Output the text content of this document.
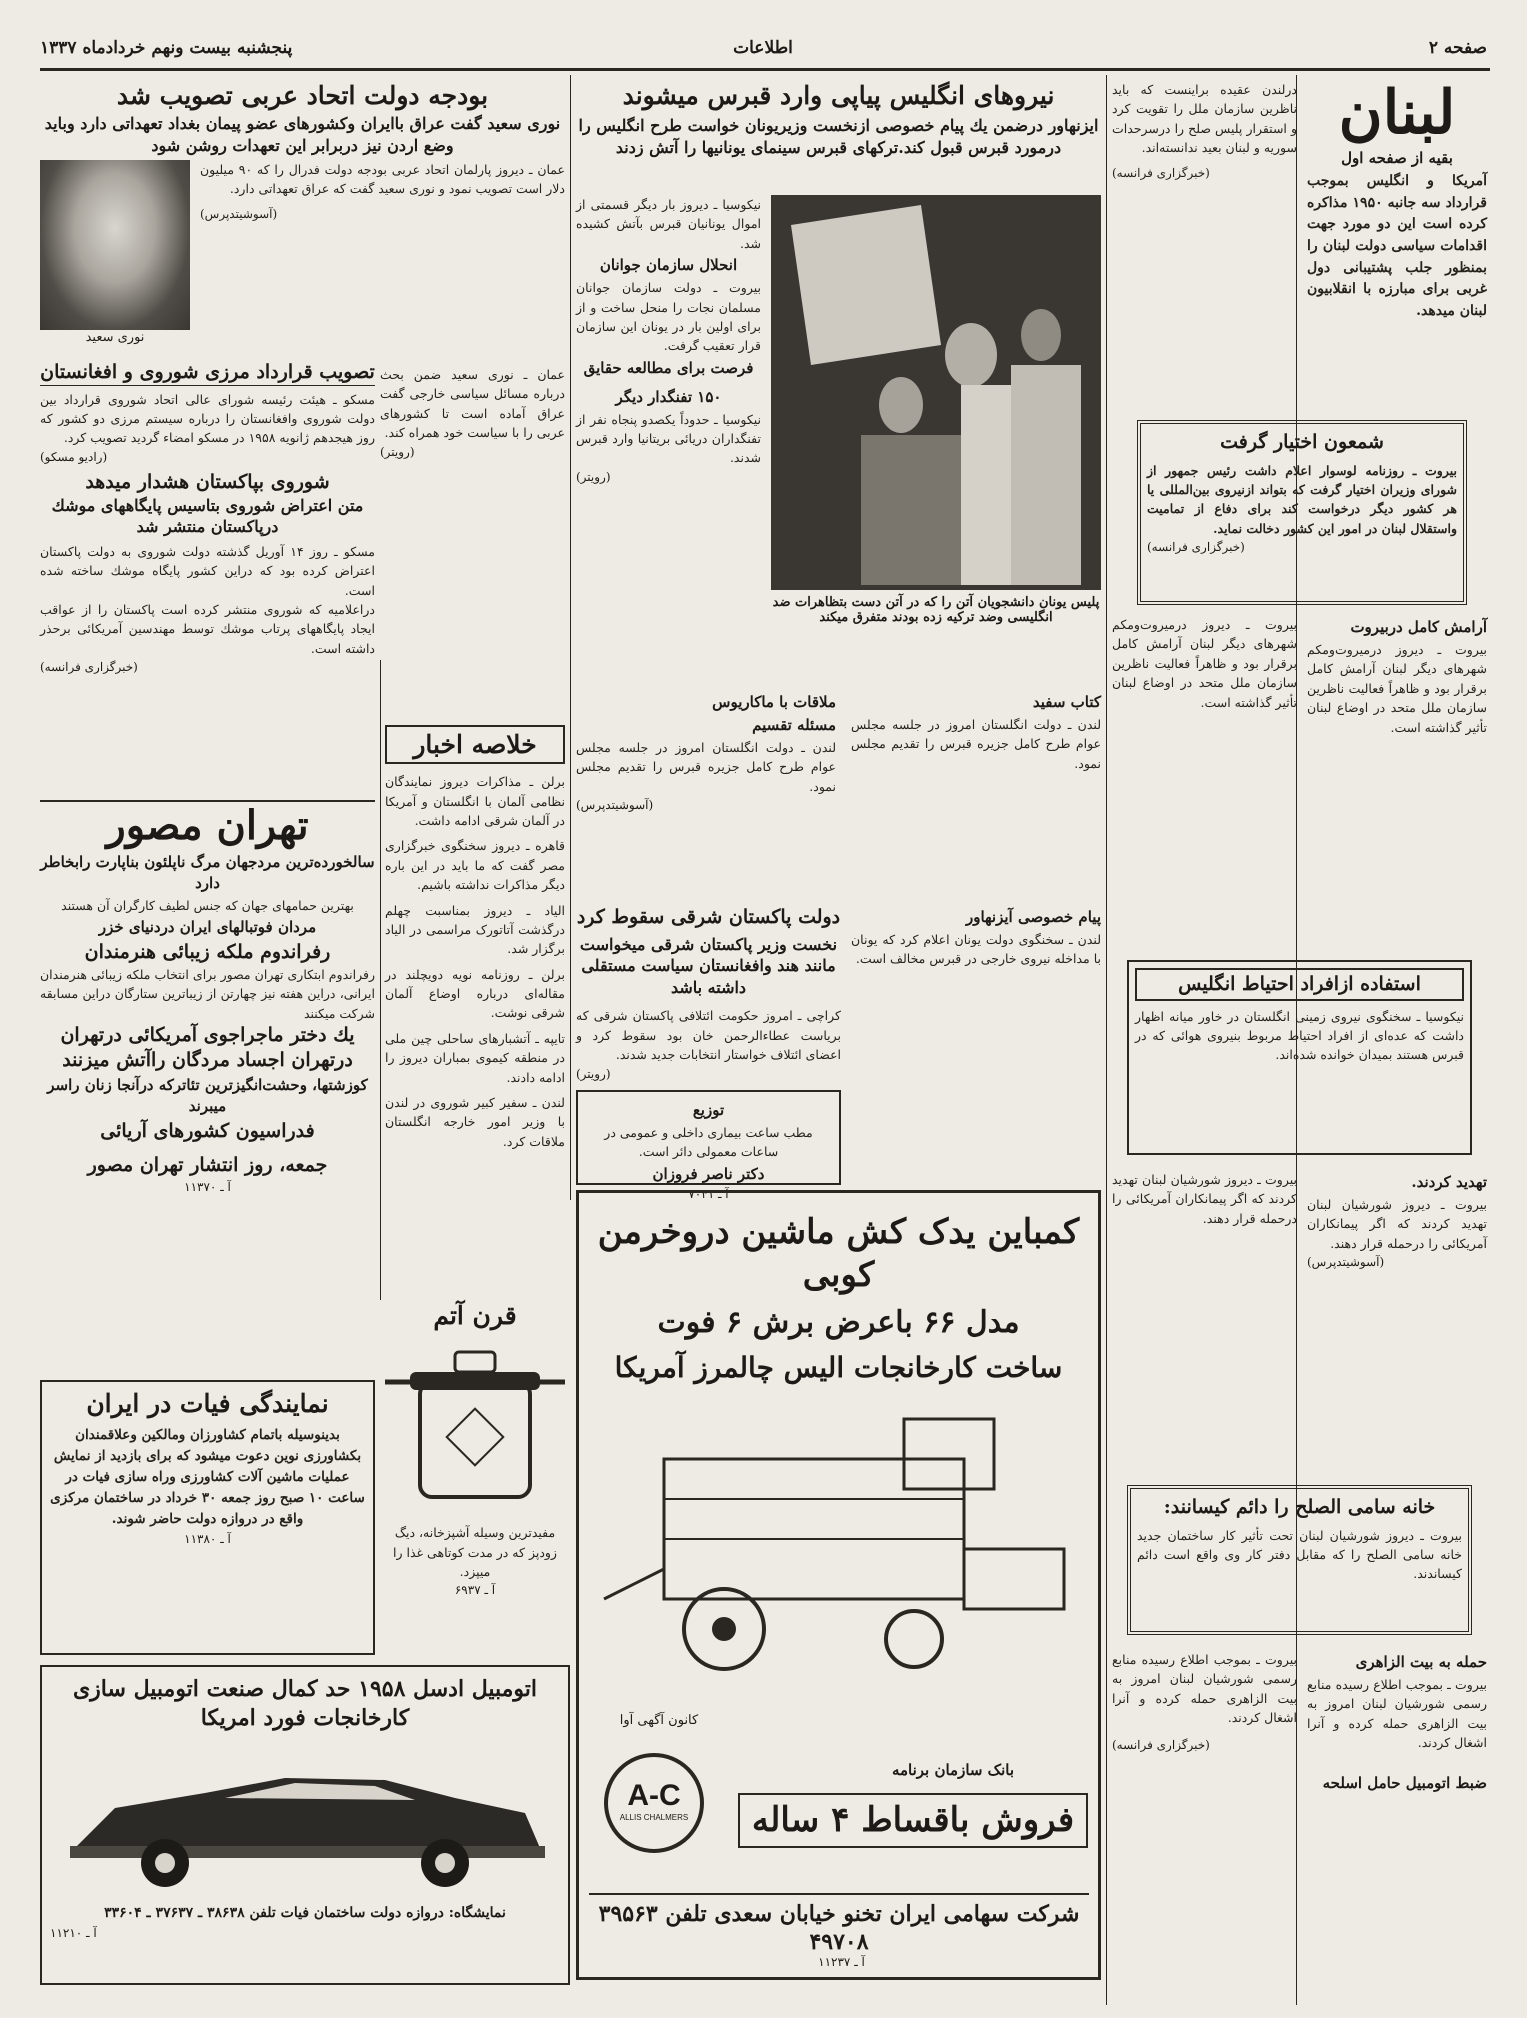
صفحه ۲
اطلاعات
پنجشنبه بیست ونهم خردادماه ۱۳۳۷
لبنان
بقیه از صفحه اول
آمریکا و انگلیس بموجب قرارداد سه جانبه ۱۹۵۰ مذاکره کرده است این دو مورد جهت اقدامات سیاسی دولت لبنان را بمنظور جلب پشتیبانی دول غربی برای مبارزه با انقلابیون لبنان میدهد.

درلندن عقیده براینست که باید ناظرین سازمان ملل را تقویت کرد و استقرار پلیس صلح را درسرحدات سوریه و لبنان بعید ندانسته‌اند.

(خبرگزاری فرانسه)
شمعون اختیار گرفت
بیروت ـ روزنامه لوسوار اعلام داشت رئیس جمهور از شورای وزیران اختیار گرفت که بتواند ازنیروی بین‌المللی یا هر کشور دیگر درخواست کند برای دفاع از تمامیت واستقلال لبنان در امور این کشور دخالت نماید.
(خبرگزاری فرانسه)
آرامش کامل دربیروت
بیروت ـ دیروز درمیروت‌ومکم شهرهای دیگر لبنان آرامش کامل برقرار بود و ظاهراً فعالیت ناظرین سازمان ملل متحد در اوضاع لبنان تأثیر گذاشته است.
بیروت ـ دیروز درمیروت‌ومکم شهرهای دیگر لبنان آرامش کامل برقرار بود و ظاهراً فعالیت ناظرین سازمان ملل متحد در اوضاع لبنان تأثیر گذاشته است.
استفاده ازافراد احتیاط انگلیس
نیکوسیا ـ سخنگوی نیروی زمینی انگلستان در خاور میانه اظهار داشت که عده‌ای از افراد احتیاط مربوط بنیروی هوائی که در قبرس هستند بمیدان خوانده شده‌اند.
تهدید کردند.
بیروت ـ دیروز شورشیان لبنان تهدید کردند که اگر پیمانکاران آمریکائی را درحمله قرار دهند.
(آسوشیتدپرس)
بیروت ـ دیروز شورشیان لبنان تهدید کردند که اگر پیمانکاران آمریکائی را درحمله قرار دهند.
خانه سامی الصلح را دائم کیسانند:
بیروت ـ دیروز شورشیان لبنان تحت تأثیر کار ساختمان جدید خانه سامی الصلح را که مقابل دفتر کار وی واقع است دائم کیساندند.
حمله به بیت الزاهرى
بیروت ـ بموجب اطلاع رسیده منابع رسمی شورشیان لبنان امروز به بیت الزاهری حمله کرده و آنرا اشغال کردند.
ضبط اتومبیل حامل اسلحه
بیروت ـ بموجب اطلاع رسیده منابع رسمی شورشیان لبنان امروز به بیت الزاهری حمله کرده و آنرا اشغال کردند.
(خبرگزاری فرانسه)
نیروهای انگلیس پیاپی وارد قبرس میشوند
ایزنهاور درضمن یك پیام خصوصی ازنخست وزیریونان خواست طرح انگلیس را درمورد قبرس قبول کند.ترکهای قبرس سینمای یونانیها را آتش زدند
پلیس یونان دانشجویان آتن را که در آتن دست بتظاهرات ضد انگلیسی وضد ترکیه زده بودند متفرق میکند
نیکوسیا ـ دیروز بار دیگر قسمتی از اموال یونانیان قبرس بآتش کشیده شد.
انحلال سازمان جوانان
بیروت ـ دولت سازمان جوانان مسلمان نجات را منحل ساخت و از برای اولین بار در یونان این سازمان قرار تعقیب گرفت.
فرصت برای مطالعه حقایق
۱۵۰ تفنگدار دیگر
نیکوسیا ـ حدوداً یکصدو پنجاه نفر از تفنگداران دریائی بریتانیا وارد قبرس شدند.
(رویتر)
کتاب سفید
لندن ـ دولت انگلستان امروز در جلسه مجلس عوام طرح کامل جزیره قبرس را تقدیم مجلس نمود.
ملاقات با ماکاریوس
مسئله تقسیم
لندن ـ دولت انگلستان امروز در جلسه مجلس عوام طرح کامل جزیره قبرس را تقدیم مجلس نمود.
(آسوشیتدپرس)
دولت پاکستان شرقی سقوط کرد
نخست وزیر پاکستان شرقی میخواست مانند هند وافغانستان سیاست مستقلی داشته باشد
کراچی ـ امروز حکومت ائتلافی پاکستان شرقی که بریاست عطاءالرحمن خان بود سقوط کرد و اعضای ائتلاف خواستار انتخابات جدید شدند.
(رویتر)
پیام خصوصی آیزنهاور
لندن ـ سخنگوی دولت یونان اعلام کرد که یونان با مداخله نیروی خارجی در قبرس مخالف است.
توزیع
مطب ساعت بیماری داخلی و عمومی در ساعات معمولی دائر است.
دکتر ناصر فروزان
آ ـ ۷۰۴۱
بودجه دولت اتحاد عربی تصویب شد
نوری سعید گفت عراق باایران وکشورهای عضو پیمان بغداد تعهداتی دارد وباید وضع اردن نیز دربرابر این تعهدات روشن شود
نوری سعید

عمان ـ دیروز پارلمان اتحاد عربی بودجه دولت فدرال را که ۹۰ میلیون دلار است تصویب نمود و نوری سعید گفت که عراق تعهداتی دارد.

(آسوشیتدپرس)
عمان ـ نوری سعید ضمن بحث درباره مسائل سیاسی خارجی گفت عراق آماده است تا کشورهای عربی را با سیاست خود همراه کند.
(رویتر)
تصویب قرارداد مرزی شوروی و افغانستان
مسکو ـ هیئت رئیسه شورای عالی اتحاد شوروی قرارداد بین دولت شوروی وافغانستان را درباره سیستم مرزی دو کشور که روز هیجدهم ژانویه ۱۹۵۸ در مسکو امضاء گردید تصویب کرد.
(رادیو مسکو)
شوروی بپاکستان هشدار میدهد
متن اعتراض شوروی بتاسیس پایگاههای موشك درپاکستان منتشر شد
مسکو ـ روز ۱۴ آوریل گذشته دولت شوروی به دولت پاکستان اعتراض کرده بود که دراین کشور پایگاه موشك ساخته شده است.
دراعلامیه که شوروی منتشر کرده است پاکستان را از عواقب ایجاد پایگاههای پرتاب موشك توسط مهندسین آمریکائی برحذر داشته است.
(خبرگزاری فرانسه)
خلاصه اخبار

برلن ـ مذاکرات دیروز نمایندگان نظامی آلمان با انگلستان و آمریکا در آلمان شرقی ادامه داشت.

قاهره ـ دیروز سخنگوی خبرگزاری مصر گفت که ما باید در این باره دیگر مذاکرات نداشته باشیم.

الیاد ـ دیروز بمناسبت چهلم درگذشت آتاتورک مراسمی در الیاد برگزار شد.

برلن ـ روزنامه نویه دویچلند در مقاله‌ای درباره اوضاع آلمان شرقی نوشت.

تایپه ـ آتشبارهای ساحلی چین ملی در منطقه کیموی بمباران دیروز را ادامه دادند.

لندن ـ سفیر کبیر شوروی در لندن با وزیر امور خارجه انگلستان ملاقات کرد.

تهران مصور
سالخورده‌ترین مردجهان مرگ ناپلئون بناپارت رابخاطر دارد
بهترین حمامهای جهان که جنس لطیف کارگران آن هستند
مردان فوتبالهای ایران دردنیای خزر
رفراندوم ملکه زیبائی هنرمندان
رفراندوم ابتکاری تهران مصور برای انتخاب ملکه زیبائی هنرمندان ایرانی، دراین هفته نیز چهارتن از زیباترین ستارگان دراین مسابقه شرکت میکنند
یك دختر ماجراجوی آمریکائی درتهران
درتهران اجساد مردگان راآتش میزنند
کوزشتها، وحشت‌انگیزترین تئاترکه درآنجا زنان راسر میبرند
فدراسیون کشورهای آریائی
جمعه، روز انتشار تهران مصور
آ ـ ۱۱۳۷۰
نمایندگی فیات در ایران
بدینوسیله باتمام کشاورزان ومالکین وعلاقمندان بکشاورزی نوین دعوت میشود که برای بازدید از نمایش عملیات ماشین آلات کشاورزی وراه سازی فیات در ساعت ۱۰ صبح روز جمعه ۳۰ خرداد در ساختمان مرکزی واقع در دروازه دولت حاضر شوند.
آ ـ ۱۱۳۸۰
قرن آتم
مفیدترین وسیله آشپزخانه، دیگ زودپز که در مدت کوتاهی غذا را میپزد.
آ ـ ۶۹۳۷
اتومبیل ادسل ۱۹۵۸ حد کمال صنعت اتومبیل سازی
کارخانجات فورد امریکا
نمایشگاه: دروازه دولت ساختمان فیات تلفن ۳۸۶۳۸ ـ ۳۷۶۳۷ ـ ۳۳۶۰۴
آ ـ ۱۱۲۱۰
کمباین یدک کش ماشین دروخرمن کوبی
مدل ۶۶ باعرض برش ۶ فوت
ساخت کارخانجات الیس چالمرز آمریکا
کانون آگهی آوا
A-C
ALLIS CHALMERS
بانک سازمان برنامه
فروش باقساط ۴ ساله
شرکت سهامی ایران تخنو خیابان سعدی تلفن ۳۹۵۶۳ ۴۹۷۰۸
آ ـ ۱۱۲۳۷
